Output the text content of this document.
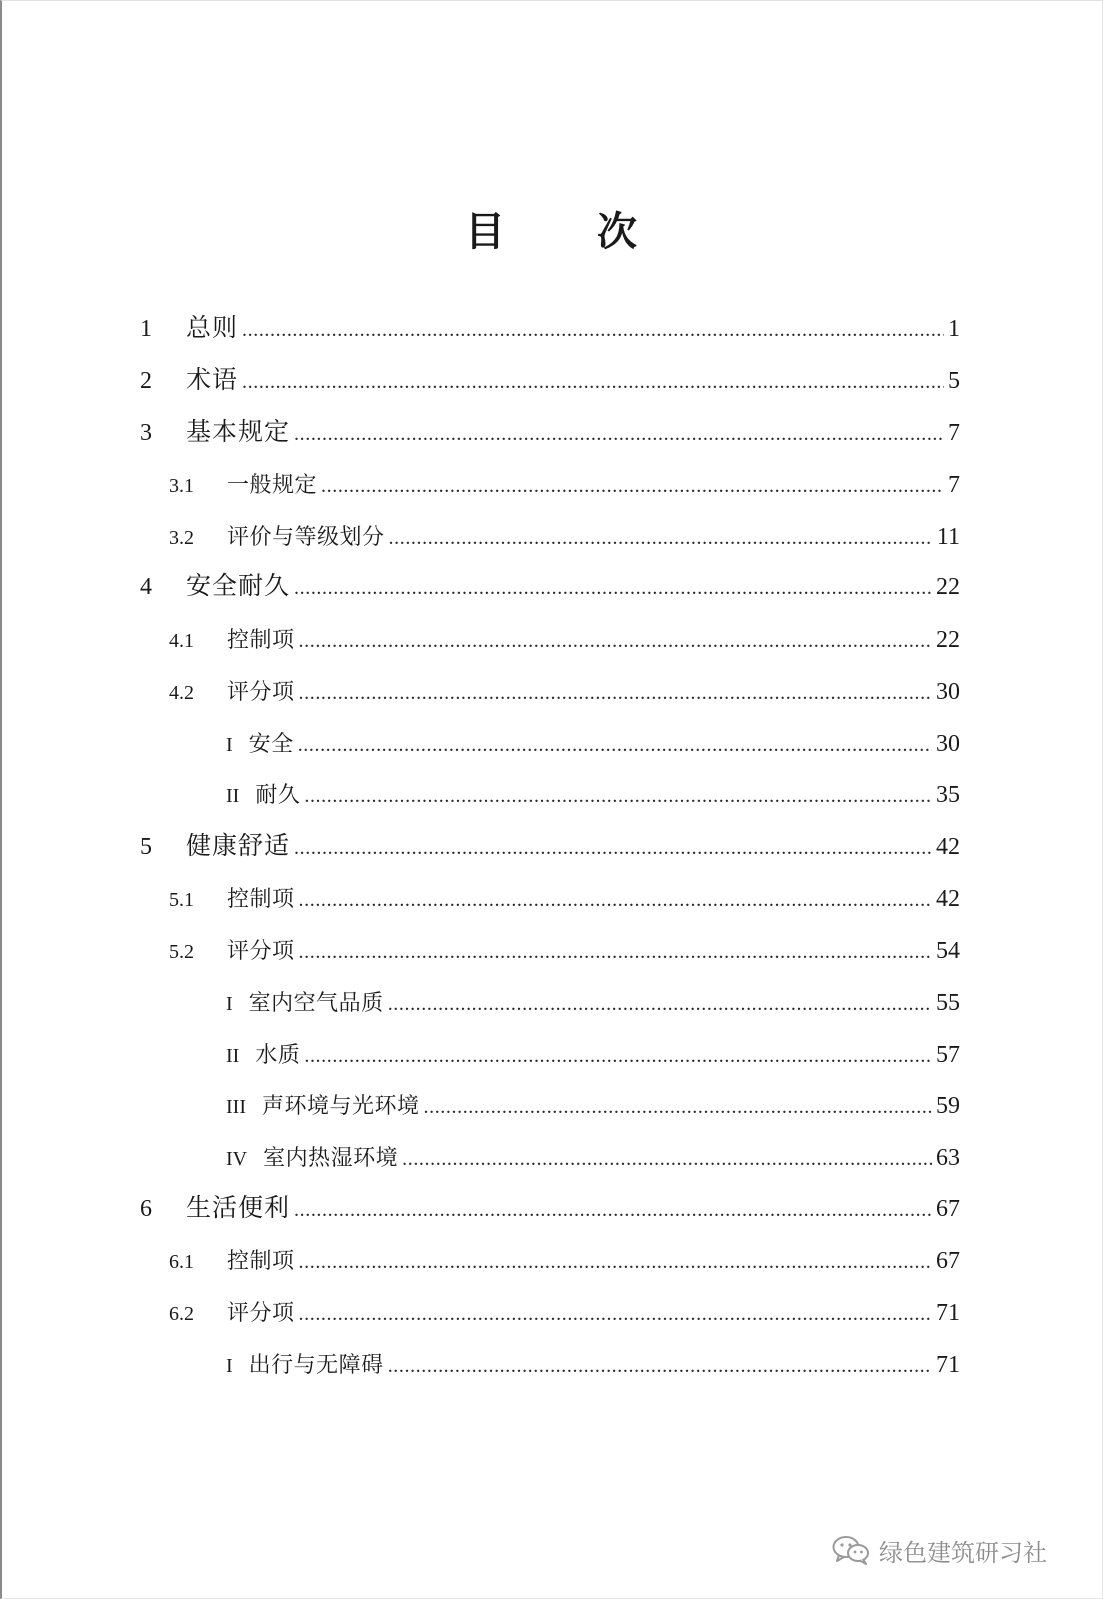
目 次
1	总则 .....	1
2	术语 .....	5
3	基本规定 .....	7
3.1	一般规定 .....	7
3.2	评价与等级划分 .....	11
4	安全耐久 .....	22
4.1	控制项 .....	22
4.2	评分项 .....	30
I 安全 .....	30
II 耐久 .....	35
5	健康舒适 .....	42
5.1	控制项 .....	42
5.2	评分项 .....	54
I 室内空气品质 .....	55
II 水质 .....	57
III 声环境与光环境 .....	59
IV 室内热湿环境 .....	63
6	生活便利 .....	67
6.1	控制项 .....	67
6.2	评分项 .....	71
I 出行与无障碍 .....	71
绿色建筑研习社
